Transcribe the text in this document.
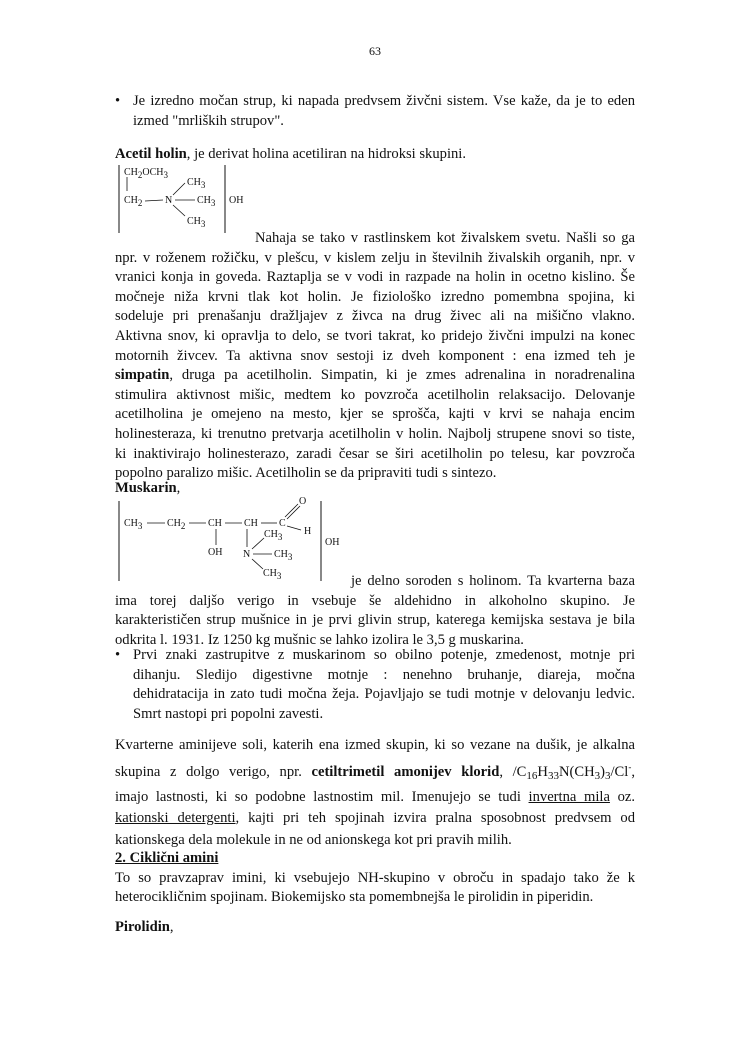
63
• Je izredno močan strup, ki napada predvsem živčni sistem. Vse kaže, da je to eden
izmed "mrliških strupov".
Acetil holin, je derivat holina acetiliran na hidroksi skupini.
CH2OCH3
CH2 N
CH3
CH3
CH3
OH
Nahaja se tako v rastlinskem kot živalskem svetu. Našli so ga
npr. v roženem rožičku, v plešcu, v kislem zelju in številnih živalskih organih, npr. v
vranici konja in goveda. Raztaplja se v vodi in razpade na holin in ocetno kislino. Še
močneje niža krvni tlak kot holin. Je fiziološko izredno pomembna spojina, ki
sodeluje pri prenašanju dražljajev z živca na drug živec ali na mišično vlakno.
Aktivna snov, ki opravlja to delo, se tvori takrat, ko pridejo živčni impulzi na konec
motornih živcev. Ta aktivna snov sestoji iz dveh komponent : ena izmed teh je
simpatin, druga pa acetilholin. Simpatin, ki je zmes adrenalina in noradrenalina
stimulira aktivnost mišic, medtem ko povzroča acetilholin relaksacijo. Delovanje
acetilholina je omejeno na mesto, kjer se sprošča, kajti v krvi se nahaja encim
holinesteraza, ki trenutno pretvarja acetilholin v holin. Najbolj strupene snovi so tiste,
ki inaktivirajo holinesterazo, zaradi česar se širi acetilholin po telesu, kar povzroča
popolno paralizo mišic. Acetilholin se da pripraviti tudi s sintezo.
Muskarin,
CH3 CH2 CH
OH
CH C
O
H
N
CH3
CH3
CH3
OH
je delno soroden s holinom. Ta kvarterna baza
ima torej daljšo verigo in vsebuje še aldehidno in alkoholno skupino. Je
karakterističen strup mušnice in je prvi glivin strup, katerega kemijska sestava je bila
odkrita l. 1931. Iz 1250 kg mušnic se lahko izolira le 3,5 g muskarina.
• Prvi znaki zastrupitve z muskarinom so obilno potenje, zmedenost, motnje pri
dihanju. Sledijo digestivne motnje : nenehno bruhanje, diareja, močna
dehidratacija in zato tudi močna žeja. Pojavljajo se tudi motnje v delovanju ledvic.
Smrt nastopi pri popolni zavesti.
Kvarterne aminijeve soli, katerih ena izmed skupin, ki so vezane na dušik, je alkalna
skupina z dolgo verigo, npr. cetiltrimetil amonijev klorid, $/C_{16}H_{33}N(CH_3)_3/Cl^-$,
imajo lastnosti, ki so podobne lastnostim mil. Imenujejo se tudi invertna mila oz.
kationski detergenti, kajti pri teh spojinah izvira pralna sposobnost predvsem od
kationskega dela molekule in ne od anionskega kot pri pravih milih.
2. Ciklični amini
To so pravzaprav imini, ki vsebujejo NH-skupino v obroču in spadajo tako že k
heterocikličnim spojinam. Biokemijsko sta pomembnejša le pirolidin in piperidin.
Pirolidin,
